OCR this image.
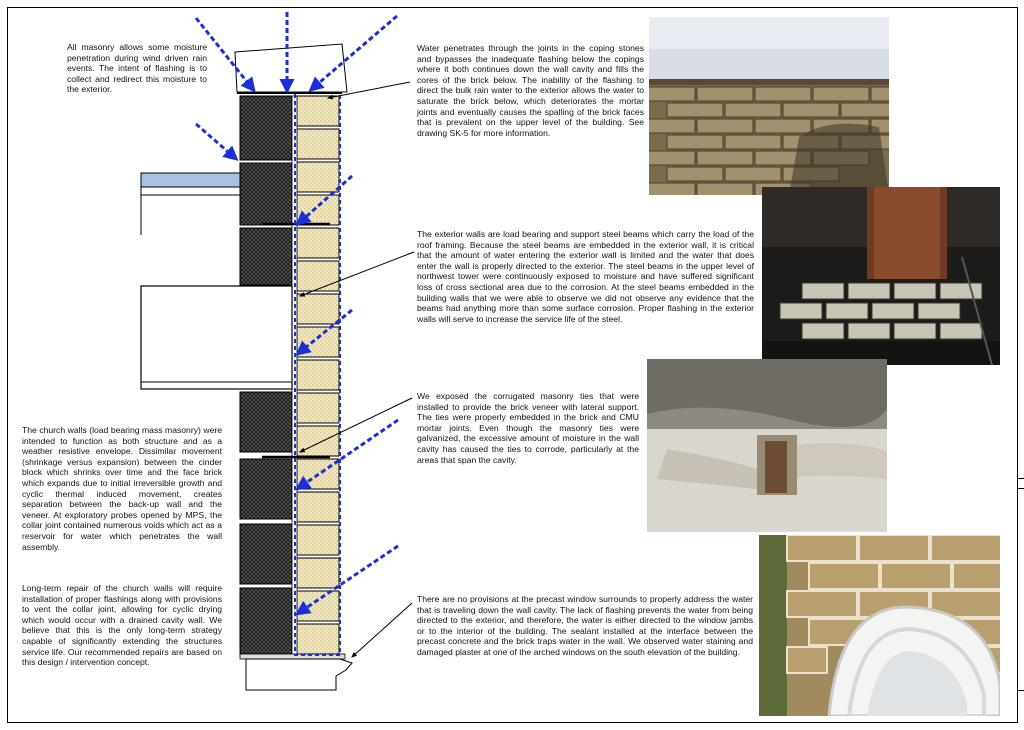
All masonry allows some moisture penetration during wind driven rain events. The intent of flashing is to collect and redirect this moisture to the exterior.

Water penetrates through the joints in the coping stones and bypasses the inadequate flashing below the copings where it both continues down the wall cavity and fills the cores of the brick below. The inability of the flashing to direct the bulk rain water to the exterior allows the water to saturate the brick below, which deteriorates the mortar joints and eventually causes the spalling of the brick faces that is prevalent on the upper level of the building. See drawing SK-5 for more information.

The exterior walls are load bearing and support steel beams which carry the load of the roof framing. Because the steel beams are embedded in the exterior wall, it is critical that the amount of water entering the exterior wall is limited and the water that does enter the wall is properly directed to the exterior. The steel beams in the upper level of northwest tower were continuously exposed to moisture and have suffered significant loss of cross sectional area due to the corrosion. At the steel beams embedded in the building walls that we were able to observe we did not observe any evidence that the beams had anything more than some surface corrosion. Proper flashing in the exterior walls will serve to increase the service life of the steel.

We exposed the corrugated masonry ties that were installed to provide the brick veneer with lateral support. The ties were properly embedded in the brick and CMU mortar joints. Even though the masonry ties were galvanized, the excessive amount of moisture in the wall cavity has caused the ties to corrode, particularly at the areas that span the cavity.

The church walls (load bearing mass masonry) were intended to function as both structure and as a weather resistive envelope. Dissimilar movement (shrinkage versus expansion) between the cinder block which shrinks over time and the face brick which expands due to initial irreversible growth and cyclic thermal induced movement, creates separation between the back-up wall and the veneer. At exploratory probes opened by MPS, the collar joint contained numerous voids which act as a reservoir for water which penetrates the wall assembly.

Long-term repair of the church walls will require installation of proper flashings along with provisions to vent the collar joint, allowing for cyclic drying which would occur with a drained cavity wall. We believe that this is the only long-term strategy capable of significantly extending the structures service life. Our recommended repairs are based on this design / intervention concept.

There are no provisions at the precast window surrounds to properly address the water that is traveling down the wall cavity. The lack of flashing prevents the water from being directed to the exterior, and therefore, the water is either directed to the window jambs or to the interior of the building. The sealant installed at the interface between the precast concrete and the brick traps water in the wall. We observed water staining and damaged plaster at one of the arched windows on the south elevation of the building.
